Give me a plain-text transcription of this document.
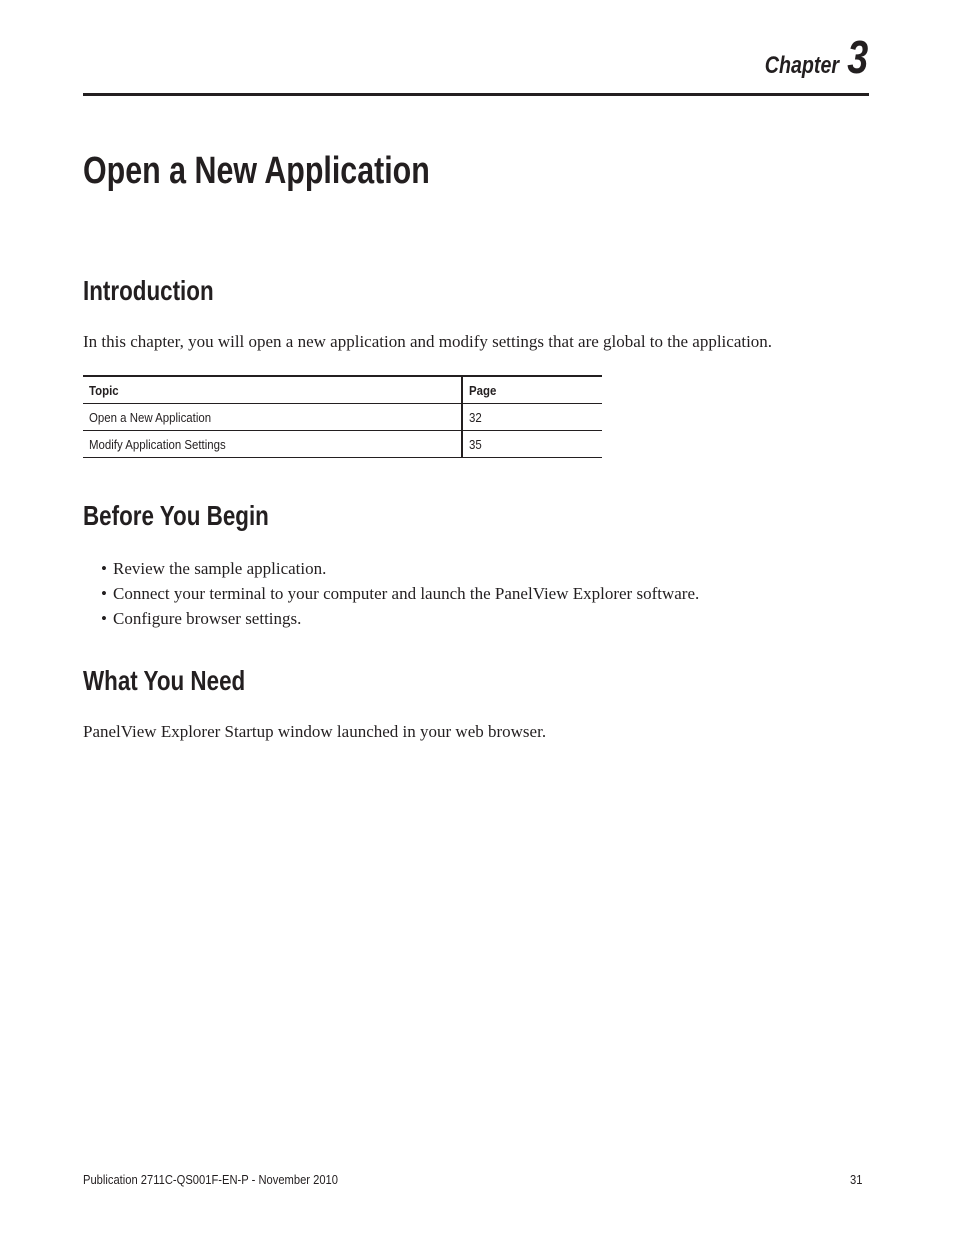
Chapter 3
Open a New Application
Introduction

In this chapter, you will open a new application and modify settings that are global to the application.

Topic	Page
Open a New Application	32
Modify Application Settings	35
Before You Begin
• Review the sample application.
• Connect your terminal to your computer and launch the PanelView Explorer software.
• Configure browser settings.
What You Need

PanelView Explorer Startup window launched in your web browser.

Publication 2711C-QS001F-EN-P - November 2010	31
